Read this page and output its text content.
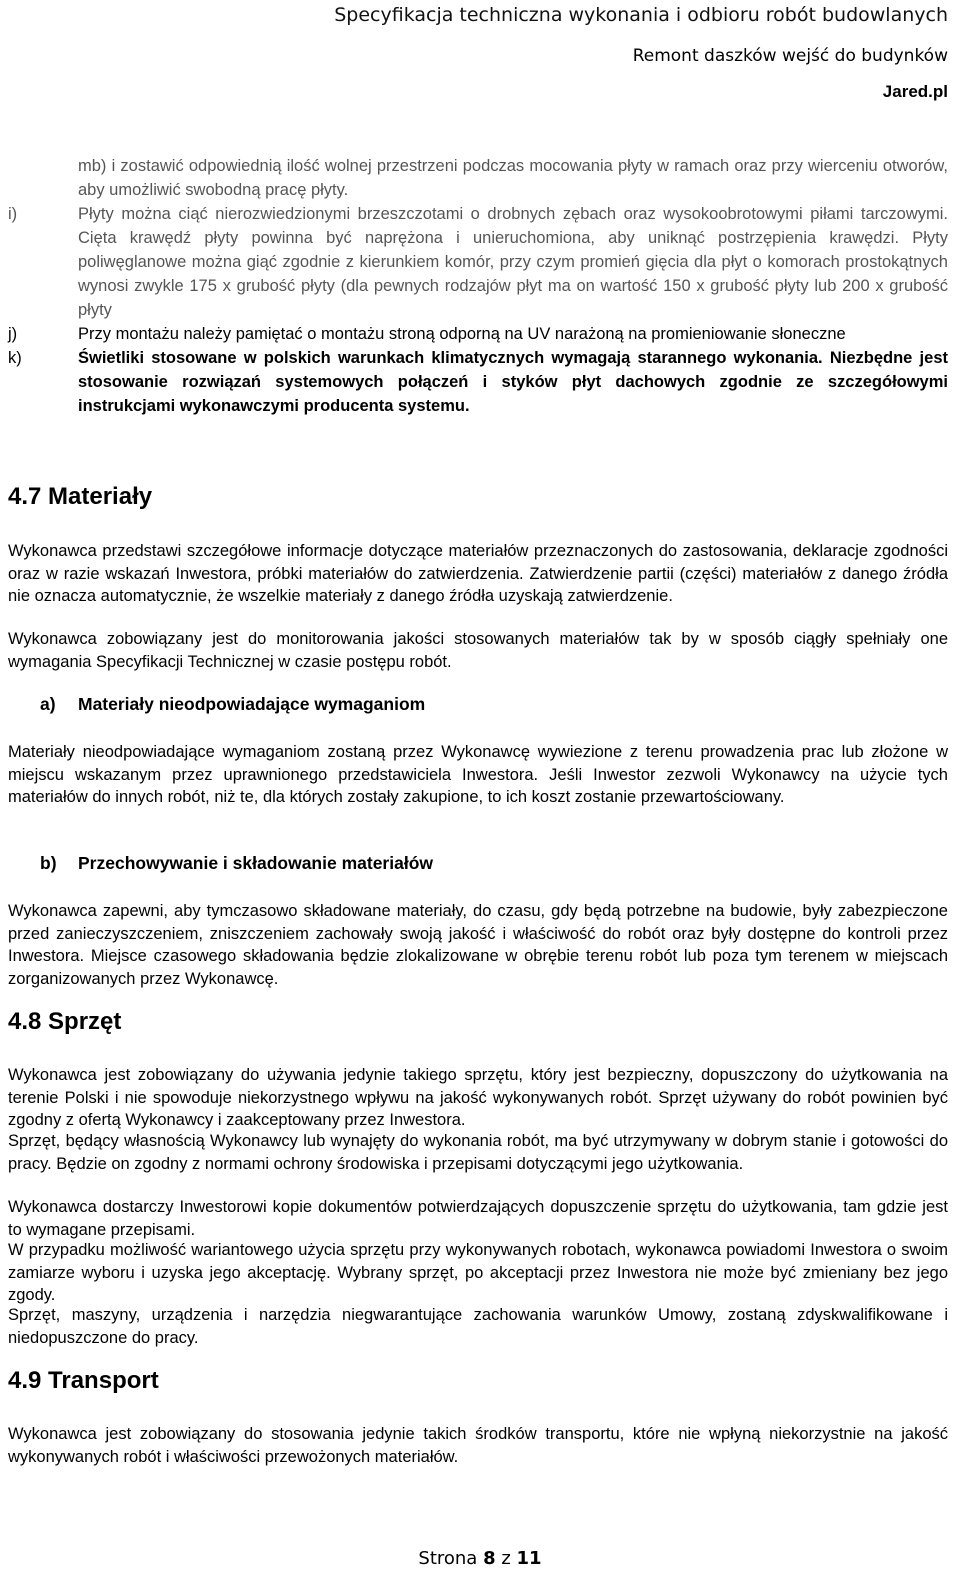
Specyfikacja techniczna wykonania i odbioru robót budowlanych
Remont daszków wejść do budynków
Jared.pl
mb) i zostawić odpowiednią ilość wolnej przestrzeni podczas mocowania płyty w ramach oraz przy wierceniu otworów, aby umożliwić swobodną pracę płyty.
i)	Płyty można ciąć nierozwiedzionymi brzeszczotami o drobnych zębach oraz wysokoobrotowymi piłami tarczowymi. Cięta krawędź płyty powinna być naprężona i unieruchomiona, aby uniknąć postrzępienia krawędzi. Płyty poliwęglanowe można giąć zgodnie z kierunkiem komór, przy czym promień gięcia dla płyt o komorach prostokątnych wynosi zwykle 175 x grubość płyty (dla pewnych rodzajów płyt ma on wartość 150 x grubość płyty lub 200 x grubość płyty
j)	Przy montażu należy pamiętać o montażu stroną odporną na UV narażoną na promieniowanie słoneczne
k)	Świetliki stosowane w polskich warunkach klimatycznych wymagają starannego wykonania. Niezbędne jest stosowanie rozwiązań systemowych połączeń i styków płyt dachowych zgodnie ze szczegółowymi instrukcjami wykonawczymi producenta systemu.
4.7 Materiały
Wykonawca przedstawi szczegółowe informacje dotyczące materiałów przeznaczonych do zastosowania, deklaracje zgodności oraz w razie wskazań Inwestora, próbki materiałów do zatwierdzenia. Zatwierdzenie partii (części) materiałów z danego źródła nie oznacza automatycznie, że wszelkie materiały z danego źródła uzyskają zatwierdzenie.
Wykonawca zobowiązany jest do monitorowania jakości stosowanych materiałów tak by w sposób ciągły spełniały one wymagania Specyfikacji Technicznej w czasie postępu robót.
a) Materiały nieodpowiadające wymaganiom
Materiały nieodpowiadające wymaganiom zostaną przez Wykonawcę wywiezione z terenu prowadzenia prac lub złożone w miejscu wskazanym przez uprawnionego przedstawiciela Inwestora. Jeśli Inwestor zezwoli Wykonawcy na użycie tych materiałów do innych robót, niż te, dla których zostały zakupione, to ich koszt zostanie przewartościowany.
b) Przechowywanie i składowanie materiałów
Wykonawca zapewni, aby tymczasowo składowane materiały, do czasu, gdy będą potrzebne na budowie, były zabezpieczone przed zanieczyszczeniem, zniszczeniem zachowały swoją jakość i właściwość do robót oraz były dostępne do kontroli przez Inwestora. Miejsce czasowego składowania będzie zlokalizowane w obrębie terenu robót lub poza tym terenem w miejscach zorganizowanych przez Wykonawcę.
4.8 Sprzęt
Wykonawca jest zobowiązany do używania jedynie takiego sprzętu, który jest bezpieczny, dopuszczony do użytkowania na terenie Polski i nie spowoduje niekorzystnego wpływu na jakość wykonywanych robót. Sprzęt używany do robót powinien być zgodny z ofertą Wykonawcy i zaakceptowany przez Inwestora.
Sprzęt, będący własnością Wykonawcy lub wynajęty do wykonania robót, ma być utrzymywany w dobrym stanie i gotowości do pracy. Będzie on zgodny z normami ochrony środowiska i przepisami dotyczącymi jego użytkowania.
Wykonawca dostarczy Inwestorowi kopie dokumentów potwierdzających dopuszczenie sprzętu do użytkowania, tam gdzie jest to wymagane przepisami.
W przypadku możliwość wariantowego użycia sprzętu przy wykonywanych robotach, wykonawca powiadomi Inwestora o swoim zamiarze wyboru i uzyska jego akceptację. Wybrany sprzęt, po akceptacji przez Inwestora nie może być zmieniany bez jego zgody.
Sprzęt, maszyny, urządzenia i narzędzia niegwarantujące zachowania warunków Umowy, zostaną zdyskwalifikowane i niedopuszczone do pracy.
4.9 Transport
Wykonawca jest zobowiązany do stosowania jedynie takich środków transportu, które nie wpłyną niekorzystnie na jakość wykonywanych robót i właściwości przewożonych materiałów.
Strona 8 z 11
